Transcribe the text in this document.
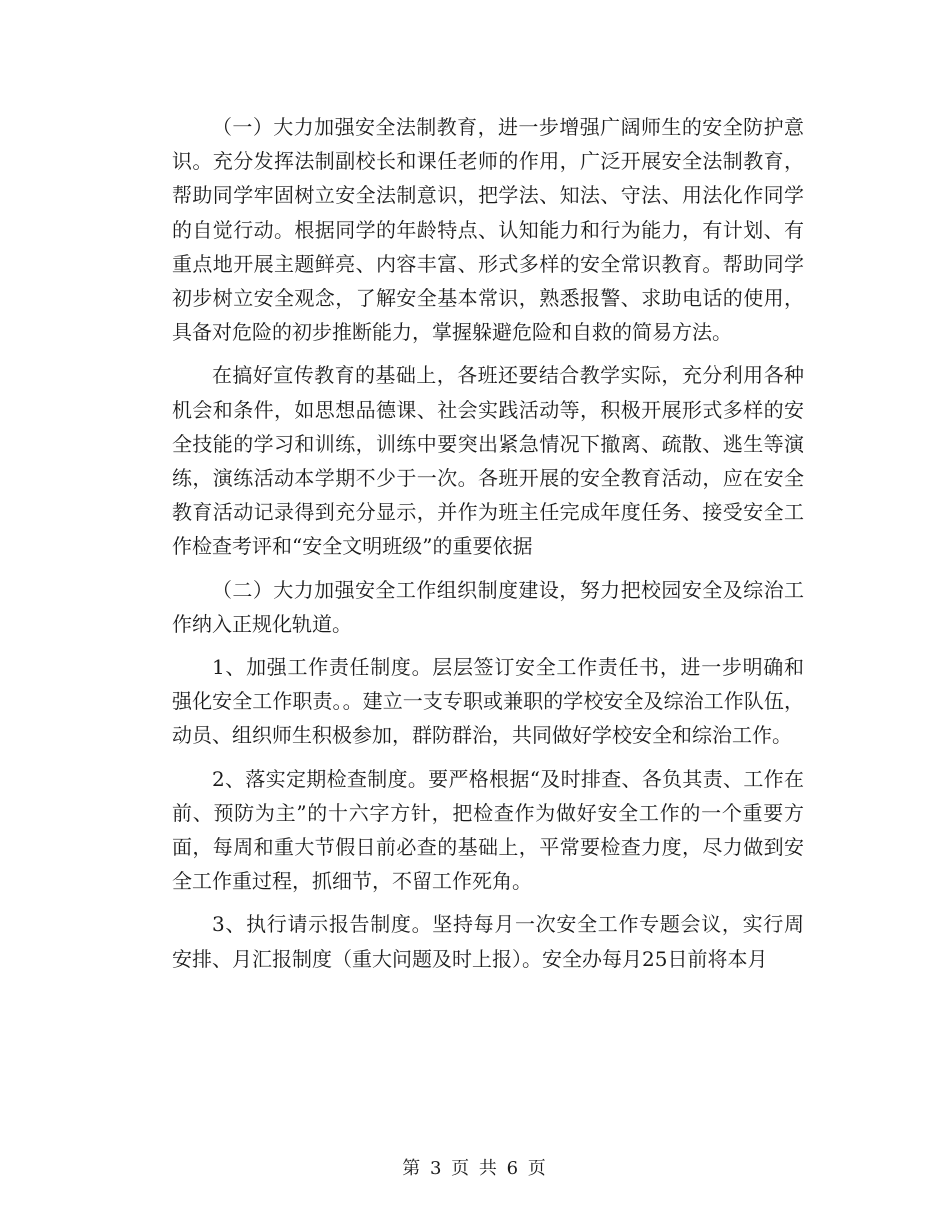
（一）大力加强安全法制教育，进一步增强广阔师生的安全防护意识。充分发挥法制副校长和课任老师的作用，广泛开展安全法制教育，帮助同学牢固树立安全法制意识，把学法、知法、守法、用法化作同学的自觉行动。根据同学的年龄特点、认知能力和行为能力，有计划、有重点地开展主题鲜亮、内容丰富、形式多样的安全常识教育。帮助同学初步树立安全观念，了解安全基本常识，熟悉报警、求助电话的使用，具备对危险的初步推断能力，掌握躲避危险和自救的简易方法。

在搞好宣传教育的基础上，各班还要结合教学实际，充分利用各种机会和条件，如思想品德课、社会实践活动等，积极开展形式多样的安全技能的学习和训练，训练中要突出紧急情况下撤离、疏散、逃生等演练，演练活动本学期不少于一次。各班开展的安全教育活动，应在安全教育活动记录得到充分显示，并作为班主任完成年度任务、接受安全工作检查考评和“安全文明班级”的重要依据

（二）大力加强安全工作组织制度建设，努力把校园安全及综治工作纳入正规化轨道。

1、加强工作责任制度。层层签订安全工作责任书，进一步明确和强化安全工作职责。。建立一支专职或兼职的学校安全及综治工作队伍，动员、组织师生积极参加，群防群治，共同做好学校安全和综治工作。

2、落实定期检查制度。要严格根据“及时排查、各负其责、工作在前、预防为主”的十六字方针，把检查作为做好安全工作的一个重要方面，每周和重大节假日前必查的基础上，平常要检查力度，尽力做到安全工作重过程，抓细节，不留工作死角。

3、执行请示报告制度。坚持每月一次安全工作专题会议，实行周安排、月汇报制度（重大问题及时上报）。安全办每月25日前将本月

第 3 页 共 6 页
